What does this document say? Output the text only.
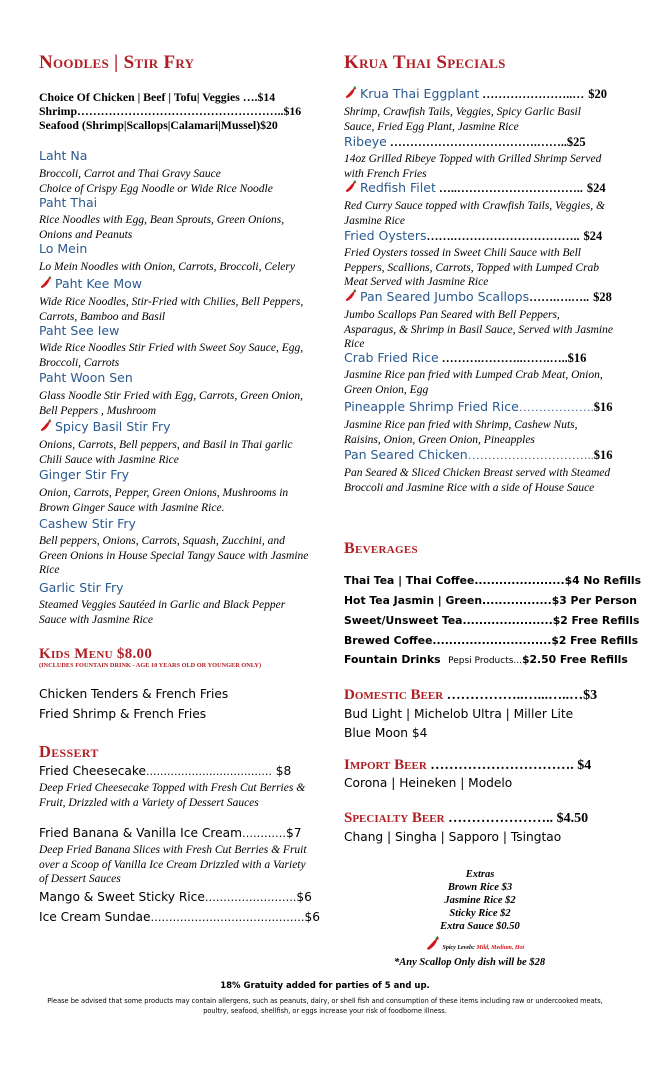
Noodles | Stir Fry
Choice Of Chicken | Beef | Tofu| Veggies ….$14
Shrimp……………………………………………..$16
Seafood (Shrimp|Scallops|Calamari|Mussel)$20
Laht Na
Broccoli, Carrot and Thai Gravy Sauce
Choice of Crispy Egg Noodle or Wide Rice Noodle
Paht Thai
Rice Noodles with Egg, Bean Sprouts, Green Onions, Onions and Peanuts
Lo Mein
Lo Mein Noodles with Onion, Carrots, Broccoli, Celery
Paht Kee Mow
Wide Rice Noodles, Stir-Fried with Chilies, Bell Peppers, Carrots, Bamboo and Basil
Paht See Iew
Wide Rice Noodles Stir Fried with Sweet Soy Sauce, Egg, Broccoli, Carrots
Paht Woon Sen
Glass Noodle Stir Fried with Egg, Carrots, Green Onion, Bell Peppers , Mushroom
Spicy Basil Stir Fry
Onions, Carrots, Bell peppers, and Basil in Thai garlic Chili Sauce with Jasmine Rice
Ginger Stir Fry
Onion, Carrots, Pepper, Green Onions, Mushrooms in Brown Ginger Sauce with Jasmine Rice.
Cashew Stir Fry
Bell peppers, Onions, Carrots, Squash, Zucchini, and Green Onions in House Special Tangy Sauce with Jasmine Rice
Garlic Stir Fry
Steamed Veggies Sautéed in Garlic and Black Pepper Sauce with Jasmine Rice
Kids Menu $8.00
(INCLUDES FOUNTAIN DRINK - AGE 10 YEARS OLD OR YOUNGER ONLY)
Chicken Tenders & French Fries
Fried Shrimp & French Fries
Dessert
Fried Cheesecake.................................... $8
Deep Fried Cheesecake Topped with Fresh Cut Berries & Fruit, Drizzled with a Variety of Dessert Sauces
Fried Banana & Vanilla Ice Cream…………$7
Deep Fried Banana Slices with Fresh Cut Berries & Fruit over a Scoop of Vanilla Ice Cream Drizzled with a Variety of Dessert Sauces
Mango & Sweet Sticky Rice…………………….$6
Ice Cream Sundae……………………………………$6
Krua Thai Specials
Krua Thai Eggplant …………………..… $20
Shrimp, Crawfish Tails, Veggies, Spicy Garlic Basil Sauce, Fried Egg Plant, Jasmine Rice
Ribeye ……………………………….……..$25
14oz Grilled Ribeye Topped with Grilled Shrimp Served with French Fries
Redfish Filet …..………………………….. $24
Red Curry Sauce topped with Crawfish Tails, Veggies, & Jasmine Rice
Fried Oysters…….………………………….. $24
Fried Oysters tossed in Sweet Chili Sauce with Bell Peppers, Scallions, Carrots, Topped with Lumped Crab Meat Served with Jasmine Rice
Pan Seared Jumbo Scallops…….….….. $28
Jumbo Scallops Pan Seared with Bell Peppers, Asparagus, & Shrimp in Basil Sauce, Served with Jasmine Rice
Crab Fried Rice ……….………..…….…..$16
Jasmine Rice pan fried with Lumped Crab Meat, Onion, Green Onion, Egg
Pineapple Shrimp Fried Rice……………….$16
Jasmine Rice pan fried with Shrimp, Cashew Nuts, Raisins, Onion, Green Onion, Pineapples
Pan Seared Chicken…………………………..$16
Pan Seared & Sliced Chicken Breast served with Steamed Broccoli and Jasmine Rice with a side of House Sauce
Beverages
Thai Tea | Thai Coffee......................$4 No Refills
Hot Tea Jasmin | Green.................$3 Per Person
Sweet/Unsweet Tea......................$2 Free Refills
Brewed Coffee.............................$2 Free Refills
Fountain Drinks Pepsi Products...$2.50 Free Refills
Domestic Beer ……………..…...…..…$3
Bud Light | Michelob Ultra | Miller Lite
Blue Moon $4
Import Beer …………………………. $4
Corona | Heineken | Modelo
Specialty Beer ………………….. $4.50
Chang | Singha | Sapporo | Tsingtao
Extras
Brown Rice $3
Jasmine Rice $2
Sticky Rice $2
Extra Sauce $0.50
Spicy Levels: Mild, Medium, Hot
*Any Scallop Only dish will be $28
18% Gratuity added for parties of 5 and up.
Please be advised that some products may contain allergens, such as peanuts, dairy, or shell fish and consumption of these items including raw or undercooked meats, poultry, seafood, shellfish, or eggs increase your risk of foodborne illness.
